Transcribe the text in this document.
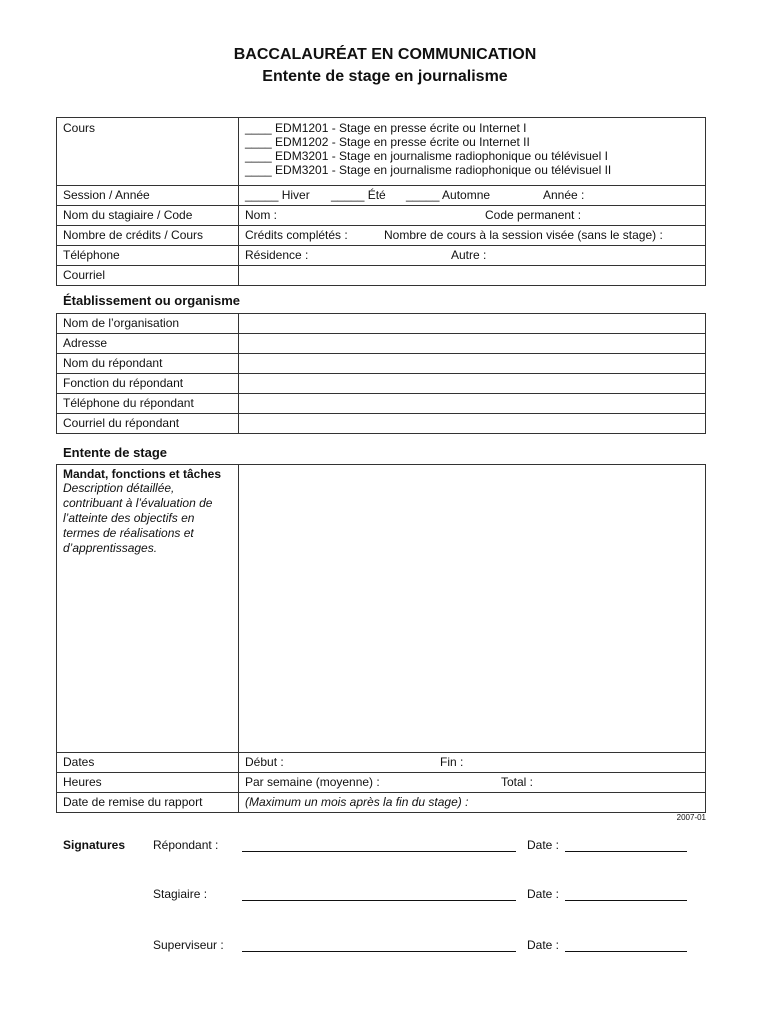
BACCALAURÉAT EN COMMUNICATION
Entente de stage en journalisme
Cours	____ EDM1201 - Stage en presse écrite ou Internet I
____ EDM1202 - Stage en presse écrite ou Internet II
____ EDM3201 - Stage en journalisme radiophonique ou télévisuel I
____ EDM3201 - Stage en journalisme radiophonique ou télévisuel II

Session / Année	_____ Hiver _____ Été _____ Automne Année :
Nom du stagiaire / Code	Nom : Code permanent :
Nombre de crédits / Cours	Crédits complétés : Nombre de cours à la session visée (sans le stage) :
Téléphone	Résidence : Autre :
Courriel	
Établissement ou organisme
Nom de l’organisation	
Adresse	
Nom du répondant	
Fonction du répondant	
Téléphone du répondant	
Courriel du répondant	
Entente de stage
Mandat, fonctions et tâches
Description détaillée, contribuant à l’évaluation de l’atteinte des objectifs en termes de réalisations et d’apprentissages.	

Dates	Début : Fin :
Heures	Par semaine (moyenne) : Total :
Date de remise du rapport	(Maximum un mois après la fin du stage) :
2007-01
Signatures Répondant :	Date :
Stagiaire :	Date :
Superviseur :	Date :
